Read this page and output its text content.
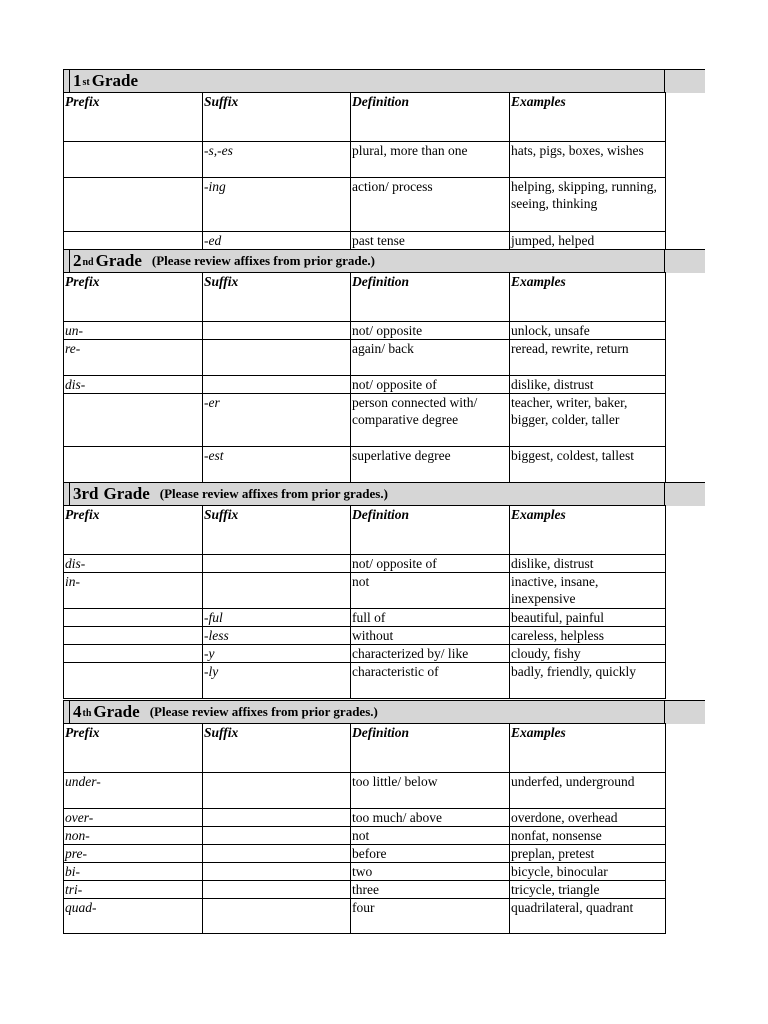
1 st Grade
Prefix	Suffix	Definition	Examples
	-s,-es	plural, more than one	hats, pigs, boxes, wishes
	-ing	action/ process	helping, skipping, running, seeing, thinking
	-ed	past tense	jumped, helped
2 nd Grade (Please review affixes from prior grade.)
Prefix	Suffix	Definition	Examples
un-		not/ opposite	unlock, unsafe
re-		again/ back	reread, rewrite, return
dis-		not/ opposite of	dislike, distrust
	-er	person connected with/ comparative degree	teacher, writer, baker, bigger, colder, taller
	-est	superlative degree	biggest, coldest, tallest
3rd Grade (Please review affixes from prior grades.)
Prefix	Suffix	Definition	Examples
dis-		not/ opposite of	dislike, distrust
in-		not	inactive, insane, inexpensive
	-ful	full of	beautiful, painful
	-less	without	careless, helpless
	-y	characterized by/ like	cloudy, fishy
	-ly	characteristic of	badly, friendly, quickly
4 th Grade (Please review affixes from prior grades.)
Prefix	Suffix	Definition	Examples
under-		too little/ below	underfed, underground
over-		too much/ above	overdone, overhead
non-		not	nonfat, nonsense
pre-		before	preplan, pretest
bi-		two	bicycle, binocular
tri-		three	tricycle, triangle
quad-		four	quadrilateral, quadrant
